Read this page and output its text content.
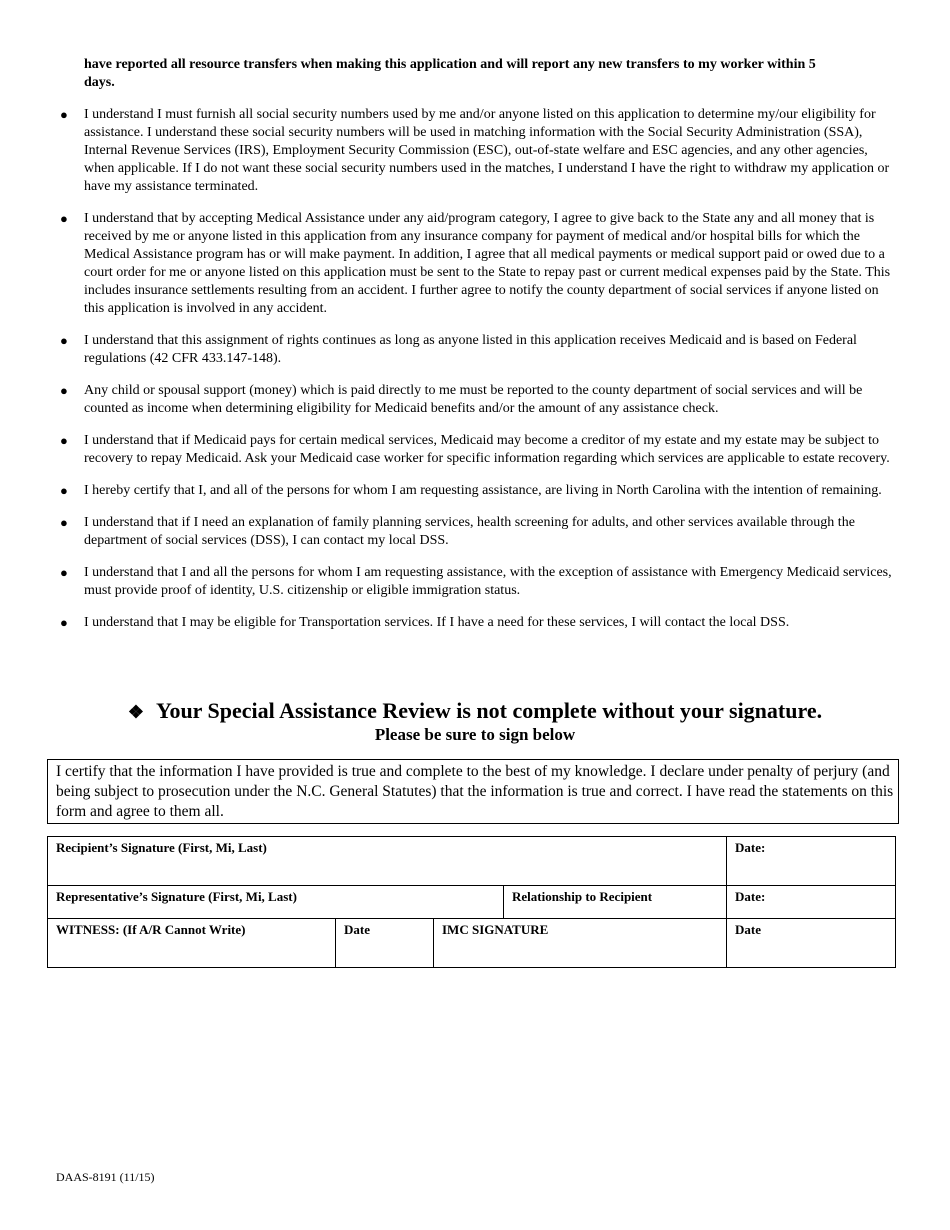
have reported all resource transfers when making this application and will report any new transfers to my worker within 5 days.
● I understand I must furnish all social security numbers used by me and/or anyone listed on this application to determine my/our eligibility for assistance. I understand these social security numbers will be used in matching information with the Social Security Administration (SSA), Internal Revenue Services (IRS), Employment Security Commission (ESC), out-of-state welfare and ESC agencies, and any other agencies, when applicable. If I do not want these social security numbers used in the matches, I understand I have the right to withdraw my application or have my assistance terminated.
● I understand that by accepting Medical Assistance under any aid/program category, I agree to give back to the State any and all money that is received by me or anyone listed in this application from any insurance company for payment of medical and/or hospital bills for which the Medical Assistance program has or will make payment. In addition, I agree that all medical payments or medical support paid or owed due to a court order for me or anyone listed on this application must be sent to the State to repay past or current medical expenses paid by the State. This includes insurance settlements resulting from an accident. I further agree to notify the county department of social services if anyone listed on this application is involved in any accident.
● I understand that this assignment of rights continues as long as anyone listed in this application receives Medicaid and is based on Federal regulations (42 CFR 433.147-148).
● Any child or spousal support (money) which is paid directly to me must be reported to the county department of social services and will be counted as income when determining eligibility for Medicaid benefits and/or the amount of any assistance check.
● I understand that if Medicaid pays for certain medical services, Medicaid may become a creditor of my estate and my estate may be subject to recovery to repay Medicaid. Ask your Medicaid case worker for specific information regarding which services are applicable to estate recovery.
● I hereby certify that I, and all of the persons for whom I am requesting assistance, are living in North Carolina with the intention of remaining.
● I understand that if I need an explanation of family planning services, health screening for adults, and other services available through the department of social services (DSS), I can contact my local DSS.
● I understand that I and all the persons for whom I am requesting assistance, with the exception of assistance with Emergency Medicaid services, must provide proof of identity, U.S. citizenship or eligible immigration status.
● I understand that I may be eligible for Transportation services. If I have a need for these services, I will contact the local DSS.
❖ Your Special Assistance Review is not complete without your signature.
Please be sure to sign below
I certify that the information I have provided is true and complete to the best of my knowledge. I declare under penalty of perjury (and being subject to prosecution under the N.C. General Statutes) that the information is true and correct. I have read the statements on this form and agree to them all.
Recipient’s Signature (First, Mi, Last)				Date:
Representative’s Signature (First, Mi, Last)			Relationship to Recipient	Date:
WITNESS: (If A/R Cannot Write)	Date	IMC SIGNATURE		Date
DAAS-8191 (11/15)
